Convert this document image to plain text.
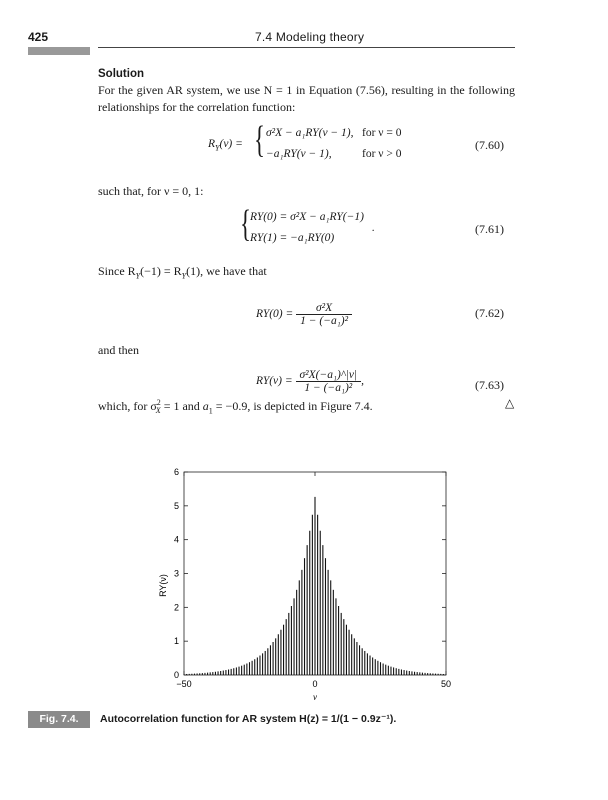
425	7.4 Modeling theory
Solution
For the given AR system, we use N = 1 in Equation (7.56), resulting in the following relationships for the correlation function:
$R_Y(\nu)$ = { σ²X − a₁RY(ν − 1), for ν = 0
−a₁RY(ν − 1),	for ν > 0
(7.60)
such that, for ν = 0, 1:
{ RY(0) = σ²X − a₁RY(−1)
RY(1) = −a₁RY(0)
.	(7.61)
Since $R_Y(-1) = R_Y(1)$, we have that
$RY(0) = \frac{\text{σ²X}}{\text{1 − (−a₁)²}}$	(7.62)
and then
$RY(\nu) = \frac{\text{σ²X(−a₁)\textasciicircum{}|ν|}}{\text{1 − (−a₁)²}}$ ,	(7.63)
which, for $\sigma^2_X = 1$ and $a_1 = -0.9$, is depicted in Figure 7.4.	△
0
1
2
3
4
5
6
−50	0	50
ν
RY(ν)
Fig. 7.4.	Autocorrelation function for AR system H(z) = 1/(1 − 0.9z⁻¹).
